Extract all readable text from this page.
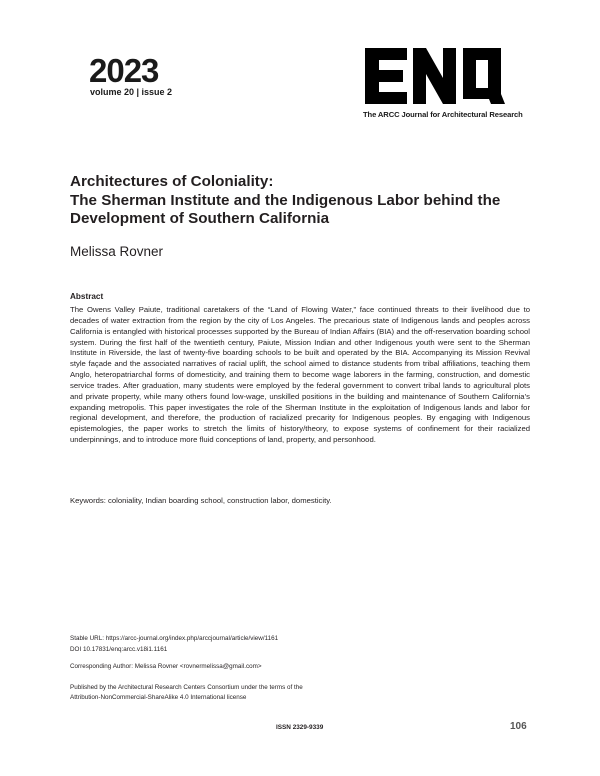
2023
volume 20 | issue 2
The ARCC Journal for Architectural Research
Architectures of Coloniality:
The Sherman Institute and the Indigenous Labor behind the
Development of Southern California

Melissa Rovner

Abstract

The Owens Valley Paiute, traditional caretakers of the “Land of Flowing Water,” face continued threats to their livelihood due to decades of water extraction from the region by the city of Los Angeles. The precarious state of Indigenous lands and peoples across California is entangled with historical processes supported by the Bureau of Indian Affairs (BIA) and the off-reservation boarding school system. During the first half of the twentieth century, Paiute, Mission Indian and other Indigenous youth were sent to the Sherman Institute in Riverside, the last of twenty-five boarding schools to be built and operated by the BIA. Accompanying its Mission Revival style façade and the associated narratives of racial uplift, the school aimed to distance students from tribal affiliations, teaching them Anglo, heteropatriarchal forms of domesticity, and training them to become wage laborers in the farming, construction, and domestic service trades. After graduation, many students were employed by the federal government to convert tribal lands to agricultural plots and private property, while many others found low-wage, unskilled positions in the building and maintenance of Southern California’s expanding metropolis. This paper investigates the role of the Sherman Institute in the exploitation of Indigenous lands and labor for regional development, and therefore, the production of racialized precarity for Indigenous peoples. By engaging with Indigenous epistemologies, the paper works to stretch the limits of history/theory, to expose systems of confinement for their racialized underpinnings, and to introduce more fluid conceptions of land, property, and personhood.

Keywords: coloniality, Indian boarding school, construction labor, domesticity.

Stable URL: https://arcc-journal.org/index.php/arccjournal/article/view/1161

DOI 10.17831/enq:arcc.v18i1.1161

Corresponding Author: Melissa Rovner <rovnermelissa@gmail.com>

Published by the Architectural Research Centers Consortium under the terms of the

Attribution-NonCommercial-ShareAlike 4.0 International license

ISSN 2329-9339	106
